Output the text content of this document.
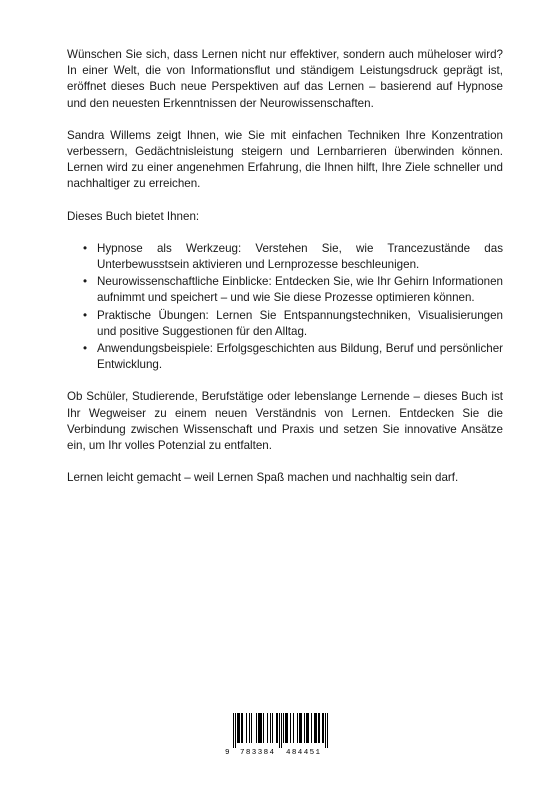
Wünschen Sie sich, dass Lernen nicht nur effektiver, sondern auch müheloser wird? In einer Welt, die von Informationsflut und ständigem Leistungsdruck geprägt ist, eröffnet dieses Buch neue Perspektiven auf das Lernen – basierend auf Hypnose und den neuesten Erkenntnissen der Neurowissenschaften.

Sandra Willems zeigt Ihnen, wie Sie mit einfachen Techniken Ihre Konzentration verbessern, Gedächtnisleistung steigern und Lernbarrieren überwinden können. Lernen wird zu einer angenehmen Erfahrung, die Ihnen hilft, Ihre Ziele schneller und nachhaltiger zu erreichen.

Dieses Buch bietet Ihnen:

• Hypnose als Werkzeug: Verstehen Sie, wie Trancezustände das Unterbewusstsein aktivieren und Lernprozesse beschleunigen.
• Neurowissenschaftliche Einblicke: Entdecken Sie, wie Ihr Gehirn Informationen aufnimmt und speichert – und wie Sie diese Prozesse optimieren können.
• Praktische Übungen: Lernen Sie Entspannungstechniken, Visualisierungen und positive Suggestionen für den Alltag.
• Anwendungsbeispiele: Erfolgsgeschichten aus Bildung, Beruf und persönlicher Entwicklung.

Ob Schüler, Studierende, Berufstätige oder lebenslange Lernende – dieses Buch ist Ihr Wegweiser zu einem neuen Verständnis von Lernen. Entdecken Sie die Verbindung zwischen Wissenschaft und Praxis und setzen Sie innovative Ansätze ein, um Ihr volles Potenzial zu entfalten.

Lernen leicht gemacht – weil Lernen Spaß machen und nachhaltig sein darf.

9 783384 484451
